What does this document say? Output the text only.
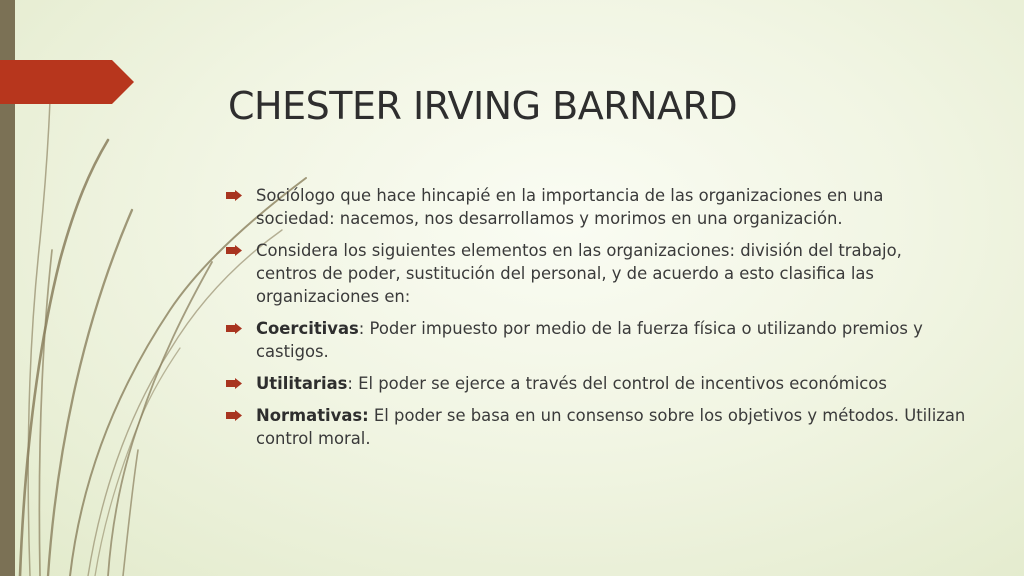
CHESTER IRVING BARNARD
Sociólogo que hace hincapié en la importancia de las organizaciones en una sociedad: nacemos, nos desarrollamos y morimos en una organización.
Considera los siguientes elementos en las organizaciones: división del trabajo, centros de poder, sustitución del personal, y de acuerdo a esto clasifica las organizaciones en:
Coercitivas: Poder impuesto por medio de la fuerza física o utilizando premios y castigos.
Utilitarias: El poder se ejerce a través del control de incentivos económicos
Normativas: El poder se basa en un consenso sobre los objetivos y métodos. Utilizan control moral.
